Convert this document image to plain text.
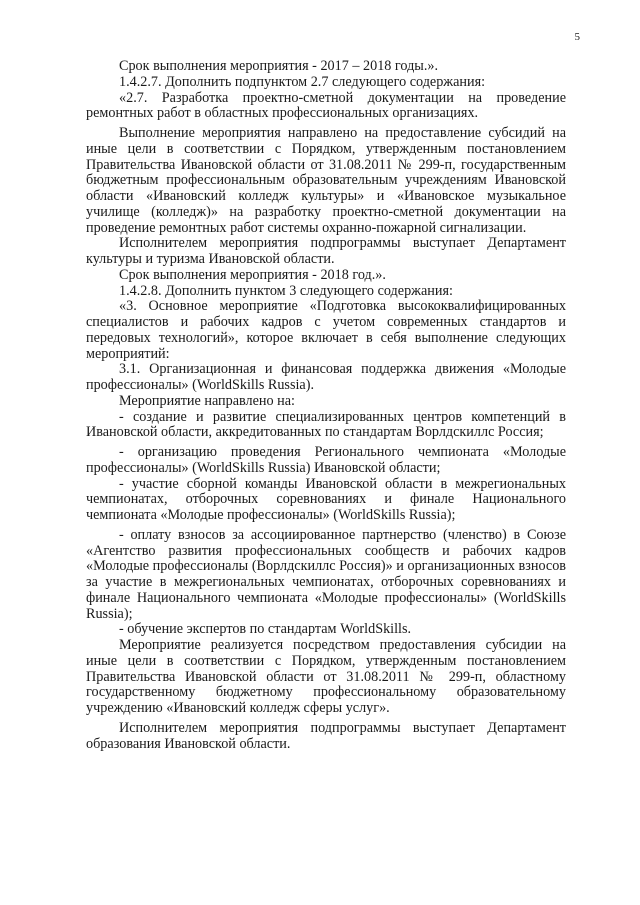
5

Срок выполнения мероприятия - 2017 – 2018 годы.».

1.4.2.7. Дополнить подпунктом 2.7 следующего содержания:

«2.7. Разработка проектно-сметной документации на проведение ремонтных работ в областных профессиональных организациях.

Выполнение мероприятия направлено на предоставление субсидий на иные цели в соответствии с Порядком, утвержденным постановлением Правительства Ивановской области от 31.08.2011 № 299-п, государственным бюджетным профессиональным образовательным учреждениям Ивановской области «Ивановский колледж культуры» и «Ивановское музыкальное училище (колледж)» на разработку проектно-сметной документации на проведение ремонтных работ системы охранно-пожарной сигнализации.

Исполнителем мероприятия подпрограммы выступает Департамент культуры и туризма Ивановской области.

Срок выполнения мероприятия - 2018 год.».

1.4.2.8. Дополнить пунктом 3 следующего содержания:

«3. Основное мероприятие «Подготовка высококвалифицированных специалистов и рабочих кадров с учетом современных стандартов и передовых технологий», которое включает в себя выполнение следующих мероприятий:

3.1. Организационная и финансовая поддержка движения «Молодые профессионалы» (WorldSkills Russia).

Мероприятие направлено на:

- создание и развитие специализированных центров компетенций в Ивановской области, аккредитованных по стандартам Ворлдскиллс Россия;

- организацию проведения Регионального чемпионата «Молодые профессионалы» (WorldSkills Russia) Ивановской области;

- участие сборной команды Ивановской области в межрегиональных чемпионатах, отборочных соревнованиях и финале Национального чемпионата «Молодые профессионалы» (WorldSkills Russia);

- оплату взносов за ассоциированное партнерство (членство) в Союзе «Агентство развития профессиональных сообществ и рабочих кадров «Молодые профессионалы (Ворлдскиллс Россия)» и организационных взносов за участие в межрегиональных чемпионатах, отборочных соревнованиях и финале Национального чемпионата «Молодые профессионалы» (WorldSkills Russia);

- обучение экспертов по стандартам WorldSkills.

Мероприятие реализуется посредством предоставления субсидии на иные цели в соответствии с Порядком, утвержденным постановлением Правительства Ивановской области от 31.08.2011 № 299-п, областному государственному бюджетному профессиональному образовательному учреждению «Ивановский колледж сферы услуг».

Исполнителем мероприятия подпрограммы выступает Департамент образования Ивановской области.
